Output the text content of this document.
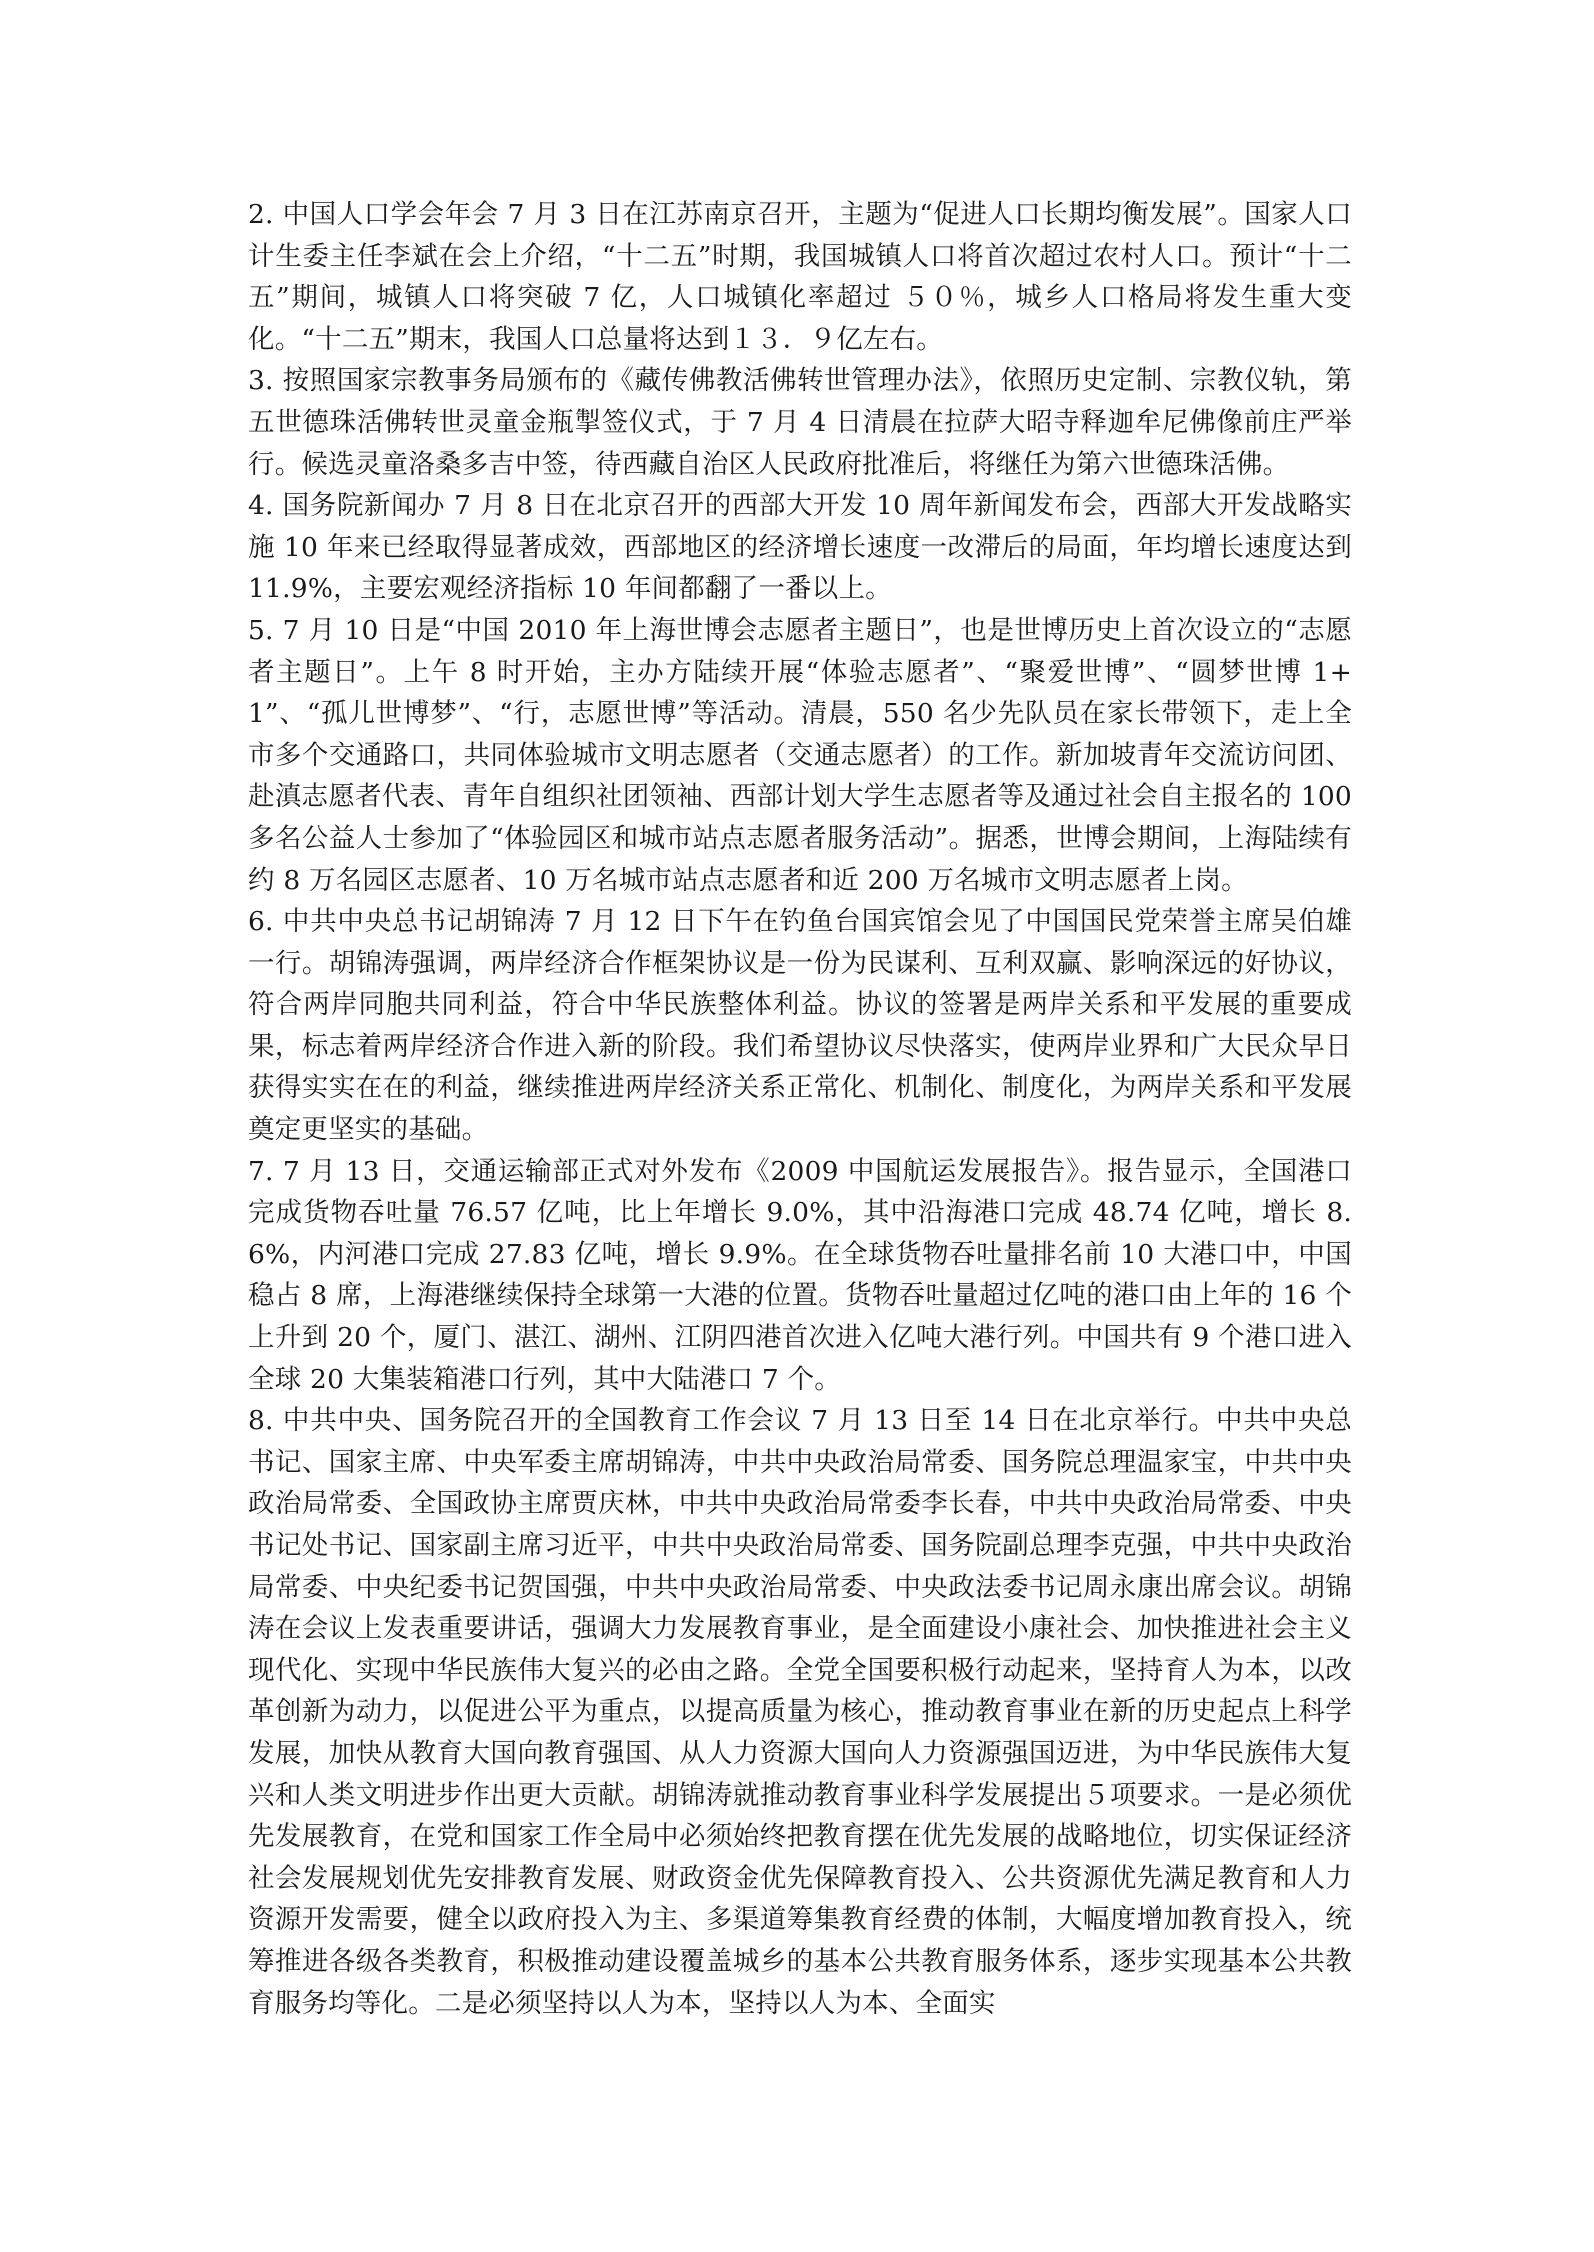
2. 中国人口学会年会 7 月 3 日在江苏南京召开，主题为“促进人口长期均衡发展”。国家人口计生委主任李斌在会上介绍，“十二五”时期，我国城镇人口将首次超过农村人口。预计“十二五”期间，城镇人口将突破 7 亿，人口城镇化率超过 ５０％，城乡人口格局将发生重大变化。“十二五”期末，我国人口总量将达到１３．９亿左右。

3. 按照国家宗教事务局颁布的《藏传佛教活佛转世管理办法》，依照历史定制、宗教仪轨，第五世德珠活佛转世灵童金瓶掣签仪式，于 7 月 4 日清晨在拉萨大昭寺释迦牟尼佛像前庄严举行。候选灵童洛桑多吉中签，待西藏自治区人民政府批准后，将继任为第六世德珠活佛。

4. 国务院新闻办 7 月 8 日在北京召开的西部大开发 10 周年新闻发布会，西部大开发战略实施 10 年来已经取得显著成效，西部地区的经济增长速度一改滞后的局面，年均增长速度达到 11.9%，主要宏观经济指标 10 年间都翻了一番以上。

5. 7 月 10 日是“中国 2010 年上海世博会志愿者主题日”，也是世博历史上首次设立的“志愿者主题日”。上午 8 时开始，主办方陆续开展“体验志愿者”、“聚爱世博”、“圆梦世博 1+1”、“孤儿世博梦”、“行，志愿世博”等活动。清晨，550 名少先队员在家长带领下，走上全市多个交通路口，共同体验城市文明志愿者（交通志愿者）的工作。新加坡青年交流访问团、赴滇志愿者代表、青年自组织社团领袖、西部计划大学生志愿者等及通过社会自主报名的 100 多名公益人士参加了“体验园区和城市站点志愿者服务活动”。据悉，世博会期间，上海陆续有约 8 万名园区志愿者、10 万名城市站点志愿者和近 200 万名城市文明志愿者上岗。

6. 中共中央总书记胡锦涛 7 月 12 日下午在钓鱼台国宾馆会见了中国国民党荣誉主席吴伯雄一行。胡锦涛强调，两岸经济合作框架协议是一份为民谋利、互利双赢、影响深远的好协议，符合两岸同胞共同利益，符合中华民族整体利益。协议的签署是两岸关系和平发展的重要成果，标志着两岸经济合作进入新的阶段。我们希望协议尽快落实，使两岸业界和广大民众早日获得实实在在的利益，继续推进两岸经济关系正常化、机制化、制度化，为两岸关系和平发展奠定更坚实的基础。

7. 7 月 13 日，交通运输部正式对外发布《2009 中国航运发展报告》。报告显示，全国港口完成货物吞吐量 76.57 亿吨，比上年增长 9.0%，其中沿海港口完成 48.74 亿吨，增长 8.6%，内河港口完成 27.83 亿吨，增长 9.9%。在全球货物吞吐量排名前 10 大港口中，中国稳占 8 席，上海港继续保持全球第一大港的位置。货物吞吐量超过亿吨的港口由上年的 16 个上升到 20 个，厦门、湛江、湖州、江阴四港首次进入亿吨大港行列。中国共有 9 个港口进入全球 20 大集装箱港口行列，其中大陆港口 7 个。

8. 中共中央、国务院召开的全国教育工作会议 7 月 13 日至 14 日在北京举行。中共中央总书记、国家主席、中央军委主席胡锦涛，中共中央政治局常委、国务院总理温家宝，中共中央政治局常委、全国政协主席贾庆林，中共中央政治局常委李长春，中共中央政治局常委、中央书记处书记、国家副主席习近平，中共中央政治局常委、国务院副总理李克强，中共中央政治局常委、中央纪委书记贺国强，中共中央政治局常委、中央政法委书记周永康出席会议。胡锦涛在会议上发表重要讲话，强调大力发展教育事业，是全面建设小康社会、加快推进社会主义现代化、实现中华民族伟大复兴的必由之路。全党全国要积极行动起来，坚持育人为本，以改革创新为动力，以促进公平为重点，以提高质量为核心，推动教育事业在新的历史起点上科学发展，加快从教育大国向教育强国、从人力资源大国向人力资源强国迈进，为中华民族伟大复兴和人类文明进步作出更大贡献。胡锦涛就推动教育事业科学发展提出５项要求。一是必须优先发展教育，在党和国家工作全局中必须始终把教育摆在优先发展的战略地位，切实保证经济社会发展规划优先安排教育发展、财政资金优先保障教育投入、公共资源优先满足教育和人力资源开发需要，健全以政府投入为主、多渠道筹集教育经费的体制，大幅度增加教育投入，统筹推进各级各类教育，积极推动建设覆盖城乡的基本公共教育服务体系，逐步实现基本公共教育服务均等化。二是必须坚持以人为本，坚持以人为本、全面实
